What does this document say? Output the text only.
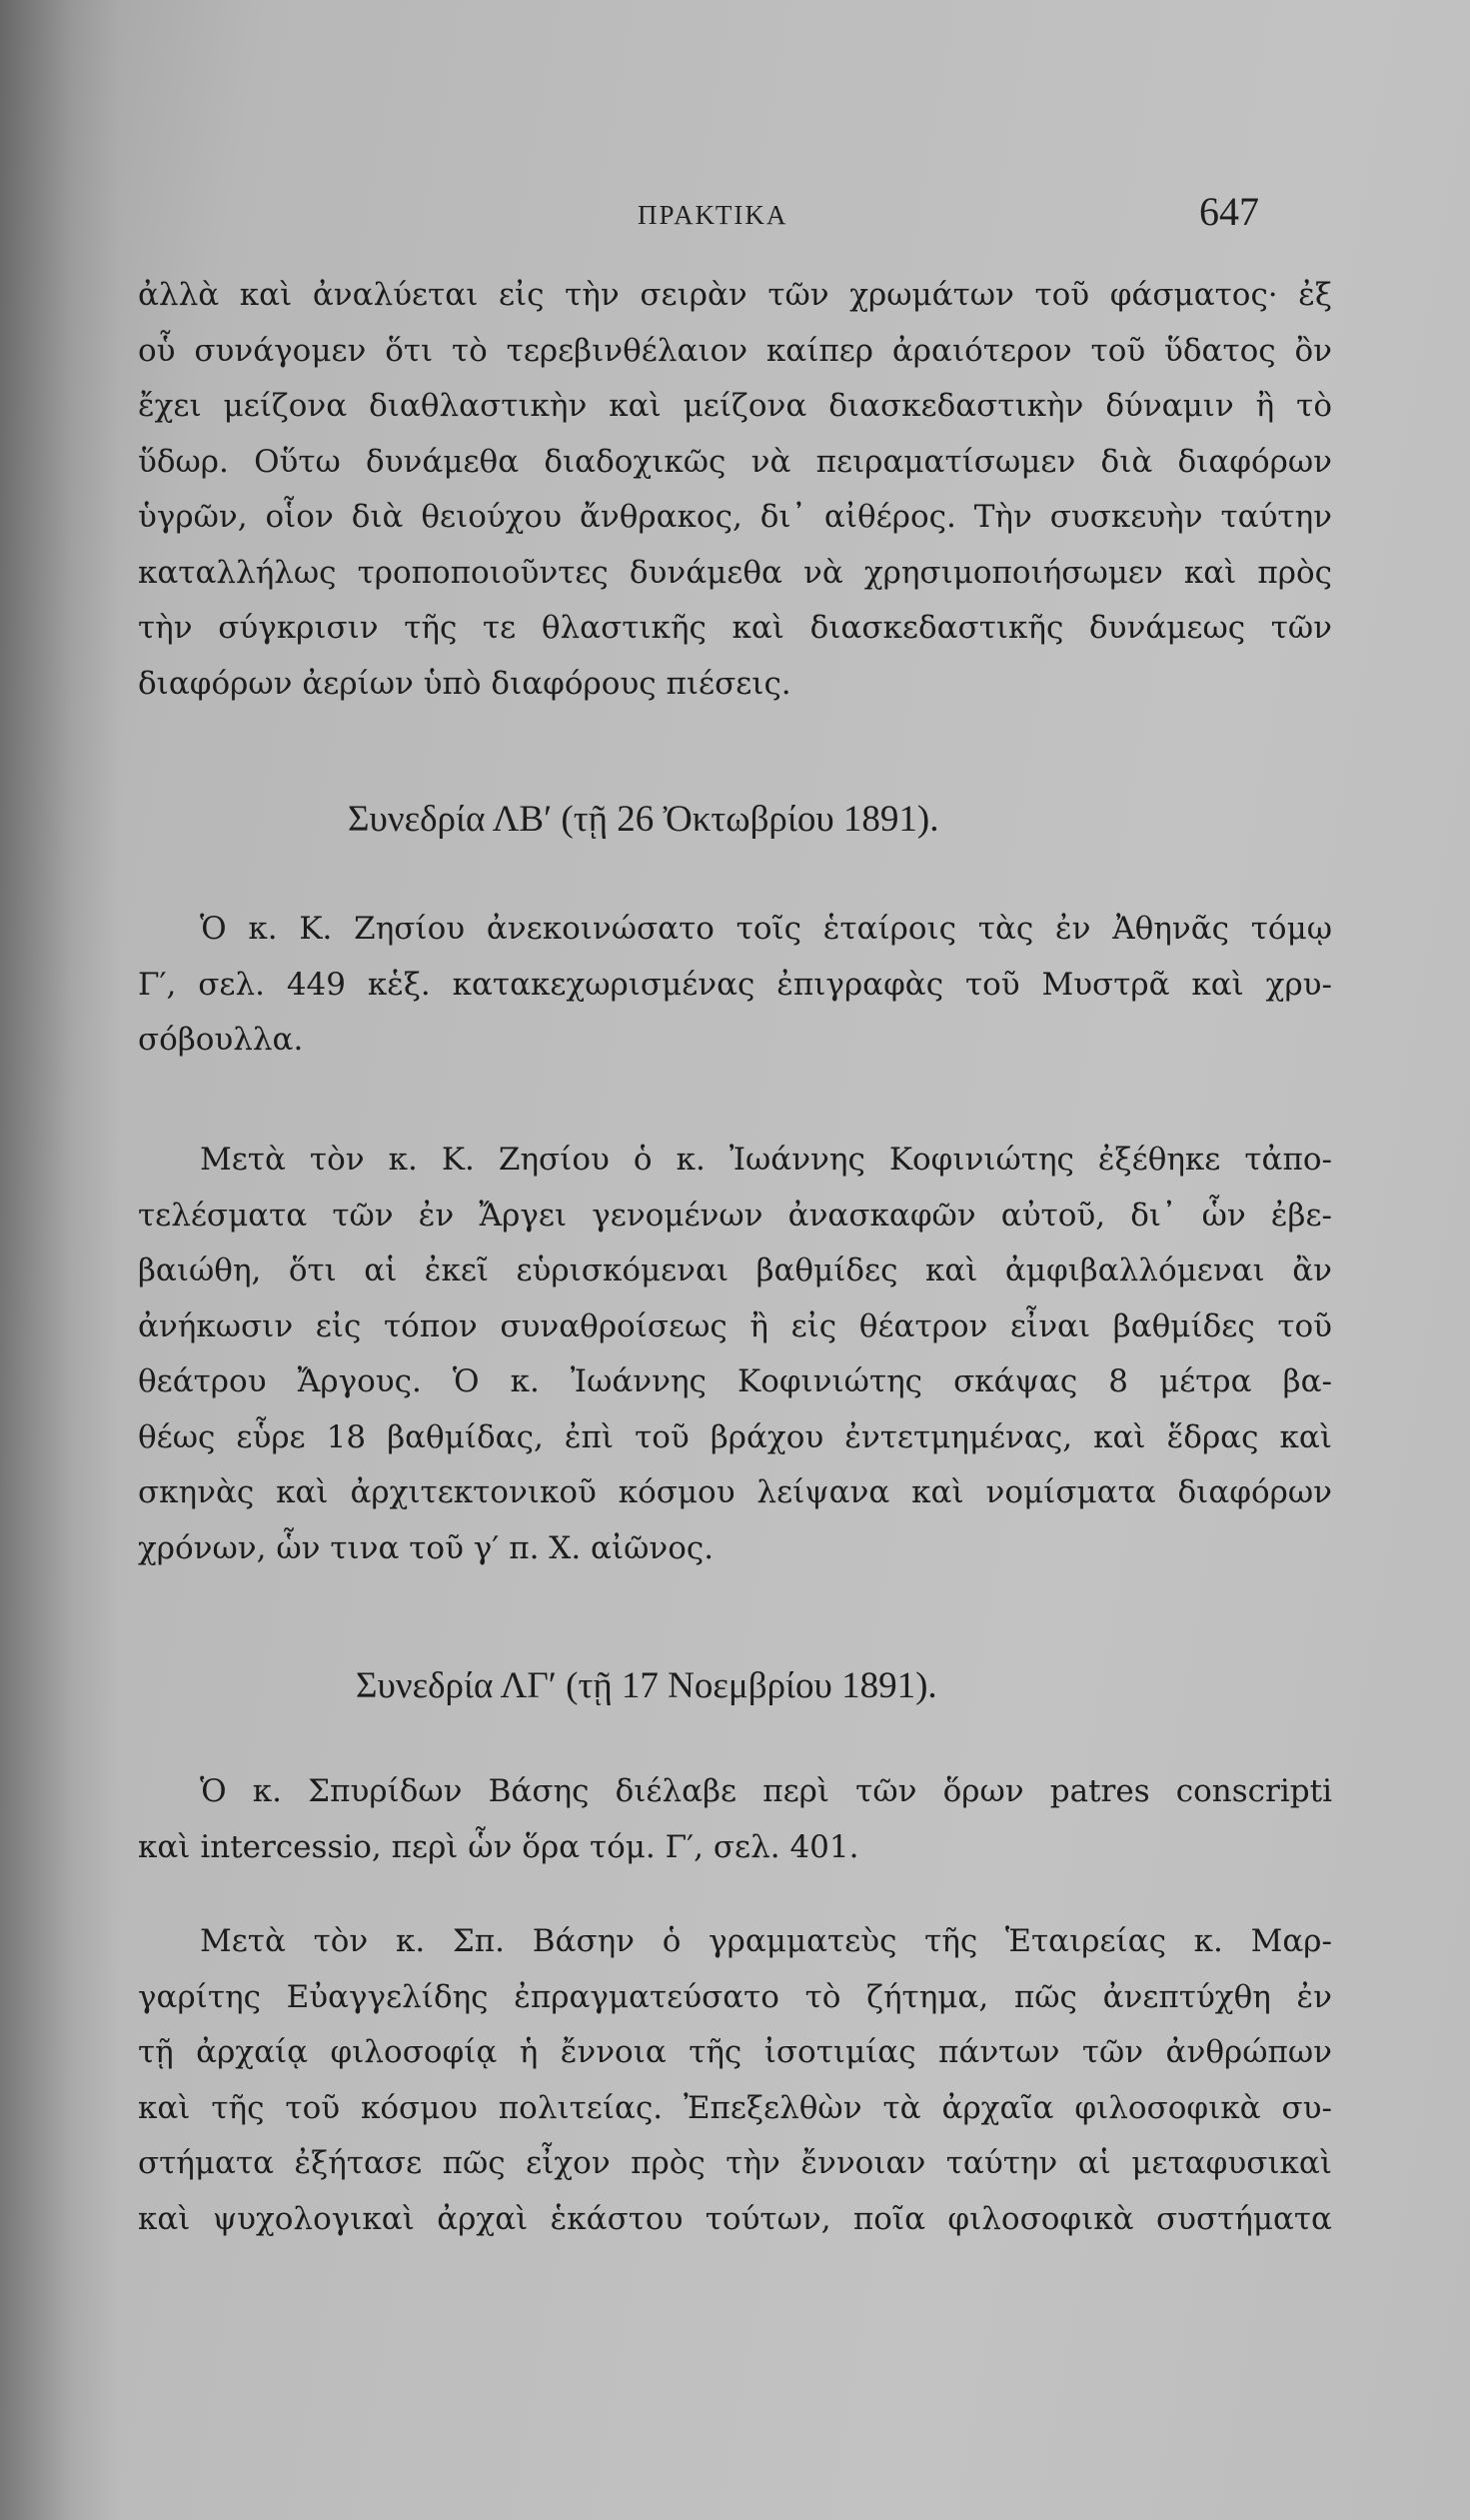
ΠΡΑΚΤΙΚΑ	647
ἀλλὰ καὶ ἀναλύεται εἰς τὴν σειρὰν τῶν χρωμάτων τοῦ φάσματος· ἐξ
οὗ συνάγομεν ὅτι τὸ τερεβινθέλαιον καίπερ ἀραιότερον τοῦ ὕδατος ὂν
ἔχει μείζονα διαθλαστικὴν καὶ μείζονα διασκεδαστικὴν δύναμιν ἢ τὸ
ὕδωρ. Οὕτω δυνάμεθα διαδοχικῶς νὰ πειραματίσωμεν διὰ διαφόρων
ὑγρῶν, οἷον διὰ θειούχου ἄνθρακος, δι᾽ αἰθέρος. Τὴν συσκευὴν ταύτην
καταλλήλως τροποποιοῦντες δυνάμεθα νὰ χρησιμοποιήσωμεν καὶ πρὸς
τὴν σύγκρισιν τῆς τε θλαστικῆς καὶ διασκεδαστικῆς δυνάμεως τῶν
διαφόρων ἀερίων ὑπὸ διαφόρους πιέσεις.
Συνεδρία ΛΒ′ (τῇ 26 Ὀκτωβρίου 1891).
Ὁ κ. Κ. Ζησίου ἀνεκοινώσατο τοῖς ἑταίροις τὰς ἐν Ἀθηνᾶς τόμῳ
Γ′, σελ. 449 κἑξ. κατακεχωρισμένας ἐπιγραφὰς τοῦ Μυστρᾶ καὶ χρυ-
σόβουλλα.
Μετὰ τὸν κ. Κ. Ζησίου ὁ κ. Ἰωάννης Κοφινιώτης ἐξέθηκε τἀπο-
τελέσματα τῶν ἐν Ἄργει γενομένων ἀνασκαφῶν αὐτοῦ, δι᾽ ὧν ἐβε-
βαιώθη, ὅτι αἱ ἐκεῖ εὑρισκόμεναι βαθμίδες καὶ ἀμφιβαλλόμεναι ἂν
ἀνήκωσιν εἰς τόπον συναθροίσεως ἢ εἰς θέατρον εἶναι βαθμίδες τοῦ
θεάτρου Ἄργους. Ὁ κ. Ἰωάννης Κοφινιώτης σκάψας 8 μέτρα βα-
θέως εὗρε 18 βαθμίδας, ἐπὶ τοῦ βράχου ἐντετμημένας, καὶ ἕδρας καὶ
σκηνὰς καὶ ἀρχιτεκτονικοῦ κόσμου λείψανα καὶ νομίσματα διαφόρων
χρόνων, ὧν τινα τοῦ γ′ π. Χ. αἰῶνος.
Συνεδρία ΛΓ′ (τῇ 17 Νοεμβρίου 1891).
Ὁ κ. Σπυρίδων Βάσης διέλαβε περὶ τῶν ὅρων patres conscripti
καὶ intercessio, περὶ ὧν ὅρα τόμ. Γ′, σελ. 401.
Μετὰ τὸν κ. Σπ. Βάσην ὁ γραμματεὺς τῆς Ἑταιρείας κ. Μαρ-
γαρίτης Εὐαγγελίδης ἐπραγματεύσατο τὸ ζήτημα, πῶς ἀνεπτύχθη ἐν
τῇ ἀρχαίᾳ φιλοσοφίᾳ ἡ ἔννοια τῆς ἰσοτιμίας πάντων τῶν ἀνθρώπων
καὶ τῆς τοῦ κόσμου πολιτείας. Ἐπεξελθὼν τὰ ἀρχαῖα φιλοσοφικὰ συ-
στήματα ἐξήτασε πῶς εἶχον πρὸς τὴν ἔννοιαν ταύτην αἱ μεταφυσικαὶ
καὶ ψυχολογικαὶ ἀρχαὶ ἑκάστου τούτων, ποῖα φιλοσοφικὰ συστήματα
